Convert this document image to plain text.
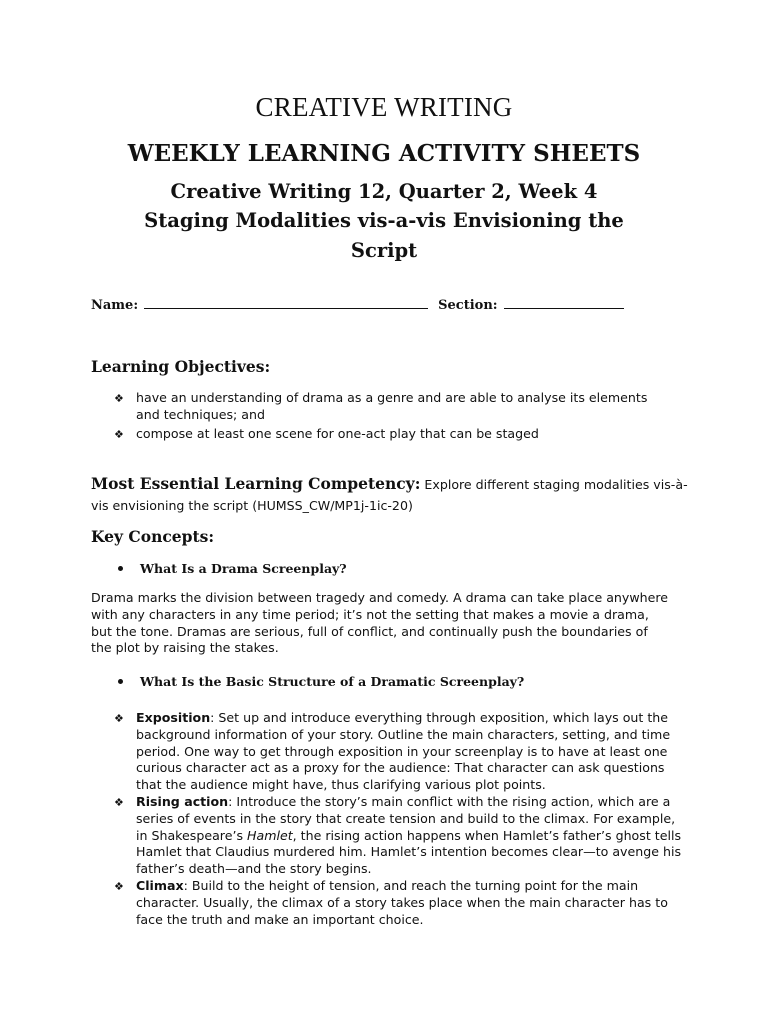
CREATIVE WRITING
WEEKLY LEARNING ACTIVITY SHEETS
Creative Writing 12, Quarter 2, Week 4
Staging Modalities vis-a-vis Envisioning the
Script
Name:	Section:
Learning Objectives:
❖ have an understanding of drama as a genre and are able to analyse its elements and techniques; and
❖ compose at least one scene for one-act play that can be staged
Most Essential Learning Competency: Explore different staging modalities vis-à-vis envisioning the script (HUMSS_CW/MP1j-1ic-20)
Key Concepts:
What Is a Drama Screenplay?
Drama marks the division between tragedy and comedy. A drama can take place anywhere with any characters in any time period; it’s not the setting that makes a movie a drama, but the tone. Dramas are serious, full of conflict, and continually push the boundaries of the plot by raising the stakes.
What Is the Basic Structure of a Dramatic Screenplay?
❖ Exposition: Set up and introduce everything through exposition, which lays out the background information of your story. Outline the main characters, setting, and time period. One way to get through exposition in your screenplay is to have at least one curious character act as a proxy for the audience: That character can ask questions that the audience might have, thus clarifying various plot points.
❖ Rising action: Introduce the story’s main conflict with the rising action, which are a series of events in the story that create tension and build to the climax. For example, in Shakespeare’s Hamlet, the rising action happens when Hamlet’s father’s ghost tells Hamlet that Claudius murdered him. Hamlet’s intention becomes clear—to avenge his father’s death—and the story begins.
❖ Climax: Build to the height of tension, and reach the turning point for the main character. Usually, the climax of a story takes place when the main character has to face the truth and make an important choice.
